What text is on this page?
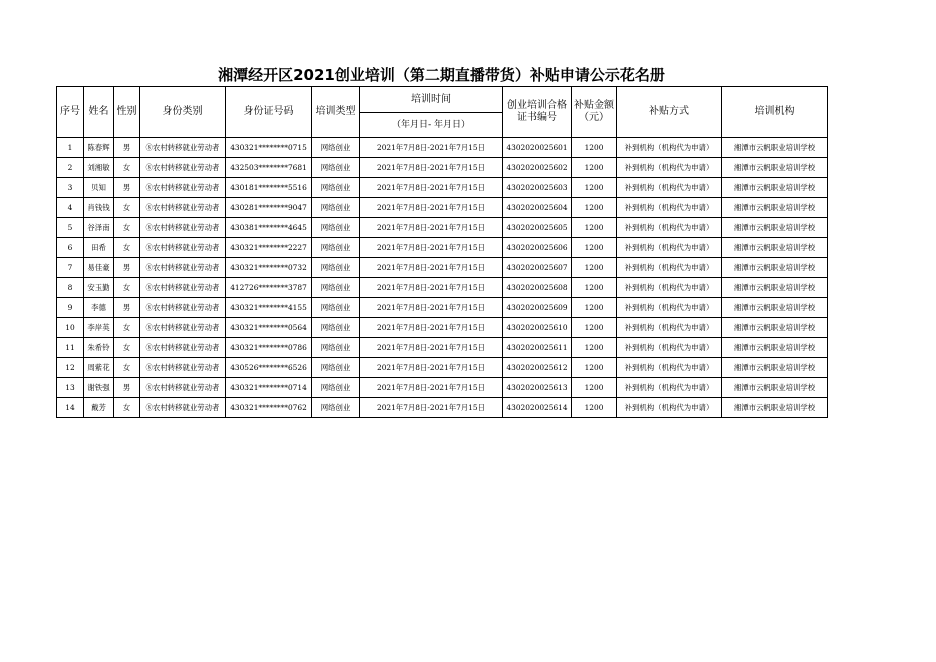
湘潭经开区2021创业培训（第二期直播带货）补贴申请公示花名册
序号	姓名	性别	身份类别	身份证号码	培训类型	培训时间	创业培训合格证书编号	补贴金额（元）	补贴方式	培训机构
						（年月日- 年月日）				
1	陈春辉	男	⑧农村转移就业劳动者	430321********0715	网络创业	2021年7月8日-2021年7月15日	4302020025601	1200	补到机构（机构代为申请）	湘潭市云帆职业培训学校
2	刘湘敏	女	⑧农村转移就业劳动者	432503********7681	网络创业	2021年7月8日-2021年7月15日	4302020025602	1200	补到机构（机构代为申请）	湘潭市云帆职业培训学校
3	贝知	男	⑧农村转移就业劳动者	430181********5516	网络创业	2021年7月8日-2021年7月15日	4302020025603	1200	补到机构（机构代为申请）	湘潭市云帆职业培训学校
4	肖钱钱	女	⑧农村转移就业劳动者	430281********9047	网络创业	2021年7月8日-2021年7月15日	4302020025604	1200	补到机构（机构代为申请）	湘潭市云帆职业培训学校
5	谷泽南	女	⑧农村转移就业劳动者	430381********4645	网络创业	2021年7月8日-2021年7月15日	4302020025605	1200	补到机构（机构代为申请）	湘潭市云帆职业培训学校
6	田希	女	⑧农村转移就业劳动者	430321********2227	网络创业	2021年7月8日-2021年7月15日	4302020025606	1200	补到机构（机构代为申请）	湘潭市云帆职业培训学校
7	易佳豪	男	⑧农村转移就业劳动者	430321********0732	网络创业	2021年7月8日-2021年7月15日	4302020025607	1200	补到机构（机构代为申请）	湘潭市云帆职业培训学校
8	安玉勤	女	⑧农村转移就业劳动者	412726********3787	网络创业	2021年7月8日-2021年7月15日	4302020025608	1200	补到机构（机构代为申请）	湘潭市云帆职业培训学校
9	李德	男	⑧农村转移就业劳动者	430321********4155	网络创业	2021年7月8日-2021年7月15日	4302020025609	1200	补到机构（机构代为申请）	湘潭市云帆职业培训学校
10	李岸英	女	⑧农村转移就业劳动者	430321********0564	网络创业	2021年7月8日-2021年7月15日	4302020025610	1200	补到机构（机构代为申请）	湘潭市云帆职业培训学校
11	朱希铃	女	⑧农村转移就业劳动者	430321********0786	网络创业	2021年7月8日-2021年7月15日	4302020025611	1200	补到机构（机构代为申请）	湘潭市云帆职业培训学校
12	周紫花	女	⑧农村转移就业劳动者	430526********6526	网络创业	2021年7月8日-2021年7月15日	4302020025612	1200	补到机构（机构代为申请）	湘潭市云帆职业培训学校
13	谢铁强	男	⑧农村转移就业劳动者	430321********0714	网络创业	2021年7月8日-2021年7月15日	4302020025613	1200	补到机构（机构代为申请）	湘潭市云帆职业培训学校
14	戴芳	女	⑧农村转移就业劳动者	430321********0762	网络创业	2021年7月8日-2021年7月15日	4302020025614	1200	补到机构（机构代为申请）	湘潭市云帆职业培训学校
